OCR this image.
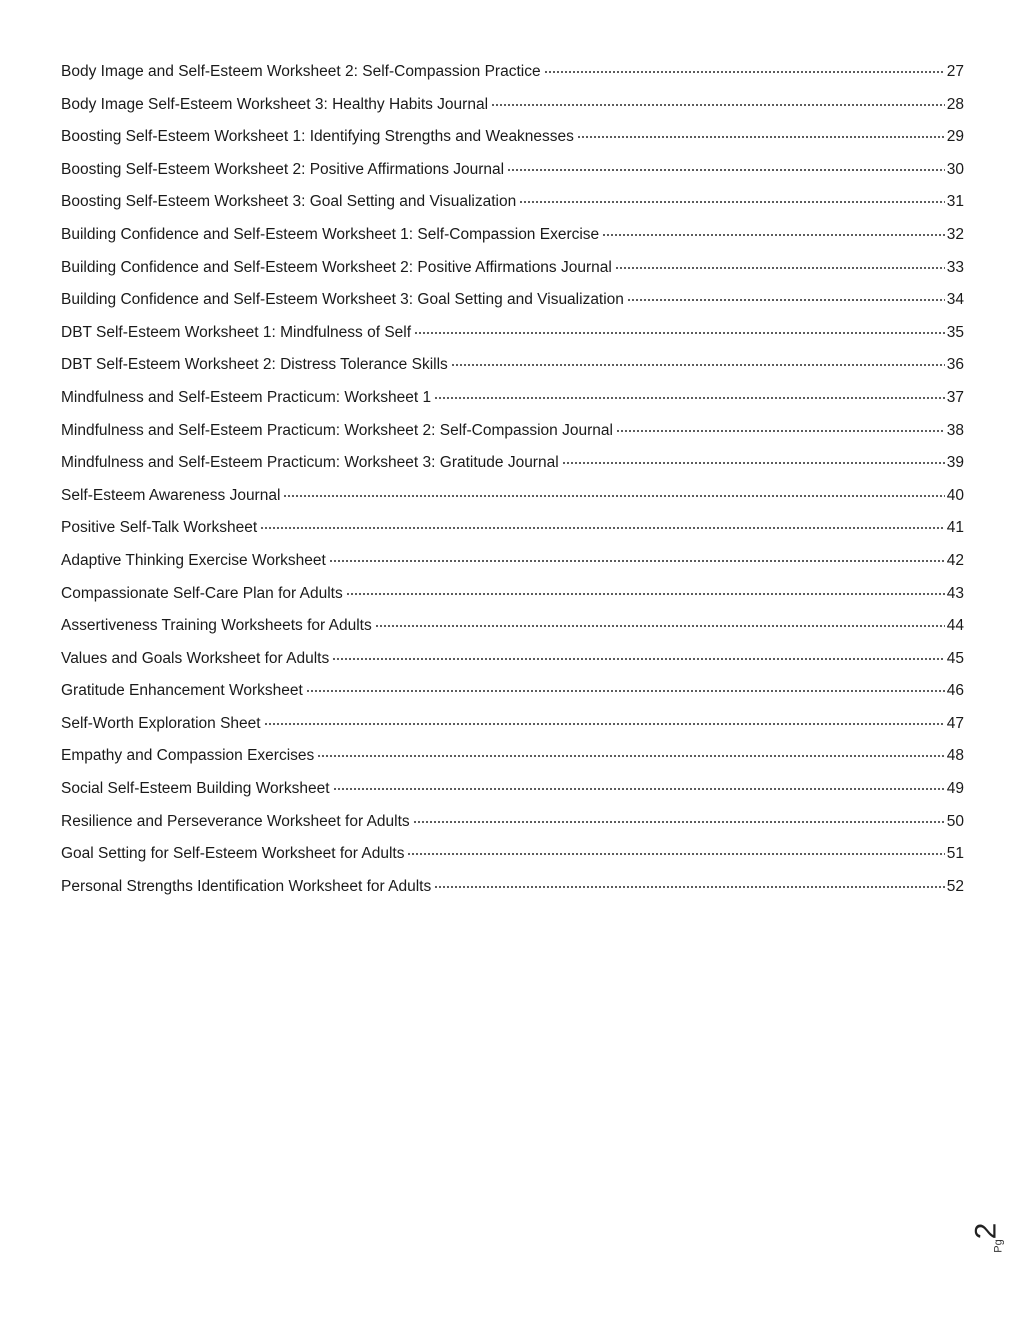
Body Image and Self-Esteem Worksheet 2: Self-Compassion Practice	27
Body Image Self-Esteem Worksheet 3: Healthy Habits Journal	28
Boosting Self-Esteem Worksheet 1: Identifying Strengths and Weaknesses	29
Boosting Self-Esteem Worksheet 2: Positive Affirmations Journal	30
Boosting Self-Esteem Worksheet 3: Goal Setting and Visualization	31
Building Confidence and Self-Esteem Worksheet 1: Self-Compassion Exercise	32
Building Confidence and Self-Esteem Worksheet 2: Positive Affirmations Journal	33
Building Confidence and Self-Esteem Worksheet 3: Goal Setting and Visualization	34
DBT Self-Esteem Worksheet 1: Mindfulness of Self	35
DBT Self-Esteem Worksheet 2: Distress Tolerance Skills	36
Mindfulness and Self-Esteem Practicum: Worksheet 1	37
Mindfulness and Self-Esteem Practicum: Worksheet 2: Self-Compassion Journal	38
Mindfulness and Self-Esteem Practicum: Worksheet 3: Gratitude Journal	39
Self-Esteem Awareness Journal	40
Positive Self-Talk Worksheet	41
Adaptive Thinking Exercise Worksheet	42
Compassionate Self-Care Plan for Adults	43
Assertiveness Training Worksheets for Adults	44
Values and Goals Worksheet for Adults	45
Gratitude Enhancement Worksheet	46
Self-Worth Exploration Sheet	47
Empathy and Compassion Exercises	48
Social Self-Esteem Building Worksheet	49
Resilience and Perseverance Worksheet for Adults	50
Goal Setting for Self-Esteem Worksheet for Adults	51
Personal Strengths Identification Worksheet for Adults	52
2
Pg
